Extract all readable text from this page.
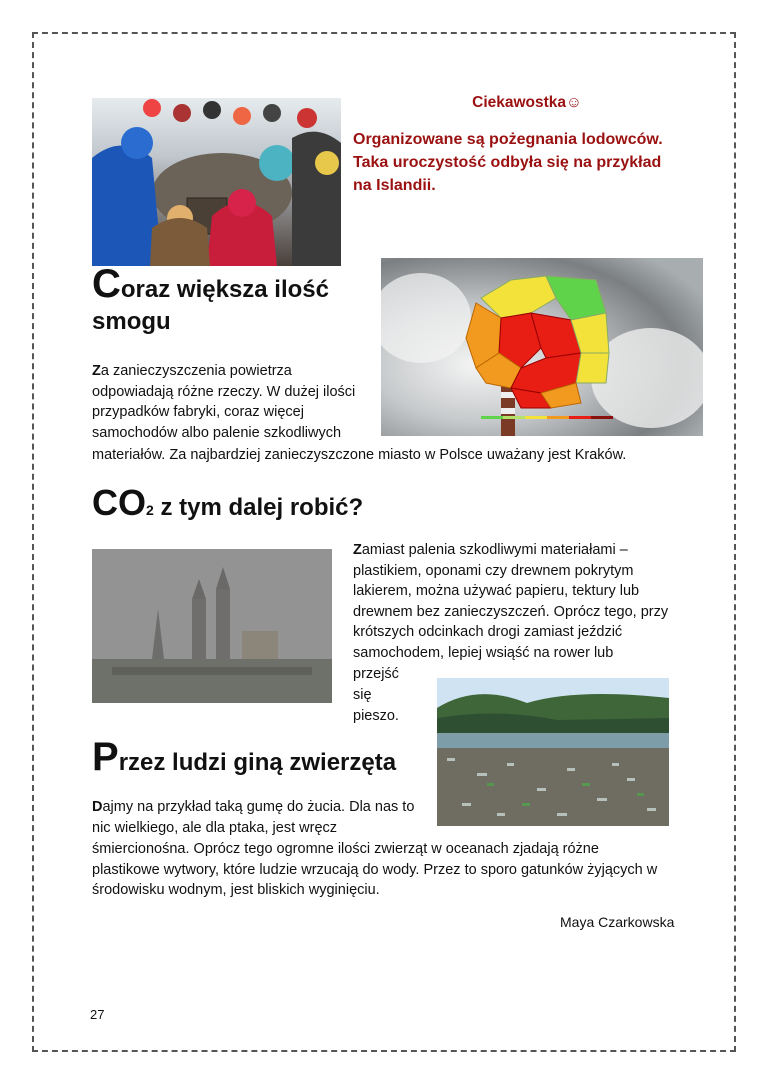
Ciekawostka☺
Organizowane są pożegnania lodowców. Taka uroczystość odbyła się na przykład na Islandii.
Coraz większa ilość smogu
Za zanieczyszczenia powietrza odpowiadają różne rzeczy. W dużej ilości przypadków fabryki, coraz więcej samochodów albo palenie szkodliwych
materiałów. Za najbardziej zanieczyszczone miasto w Polsce uważany jest Kraków.
CO2 z tym dalej robić?
Zamiast palenia szkodliwymi materiałami – plastikiem, oponami czy drewnem pokrytym lakierem, można używać papieru, tektury lub drewnem bez zanieczyszczeń. Oprócz tego, przy krótszych odcinkach drogi zamiast jeździć samochodem, lepiej wsiąść na rower lub
przejść
się
pieszo.
Przez ludzi giną zwierzęta
Dajmy na przykład taką gumę do żucia. Dla nas to nic wielkiego, ale dla ptaka, jest wręcz
śmiercionośna. Oprócz tego ogromne ilości zwierząt w oceanach zjadają różne plastikowe wytwory, które ludzie wrzucają do wody. Przez to sporo gatunków żyjących w środowisku wodnym, jest bliskich wyginięciu.
Maya Czarkowska
27
